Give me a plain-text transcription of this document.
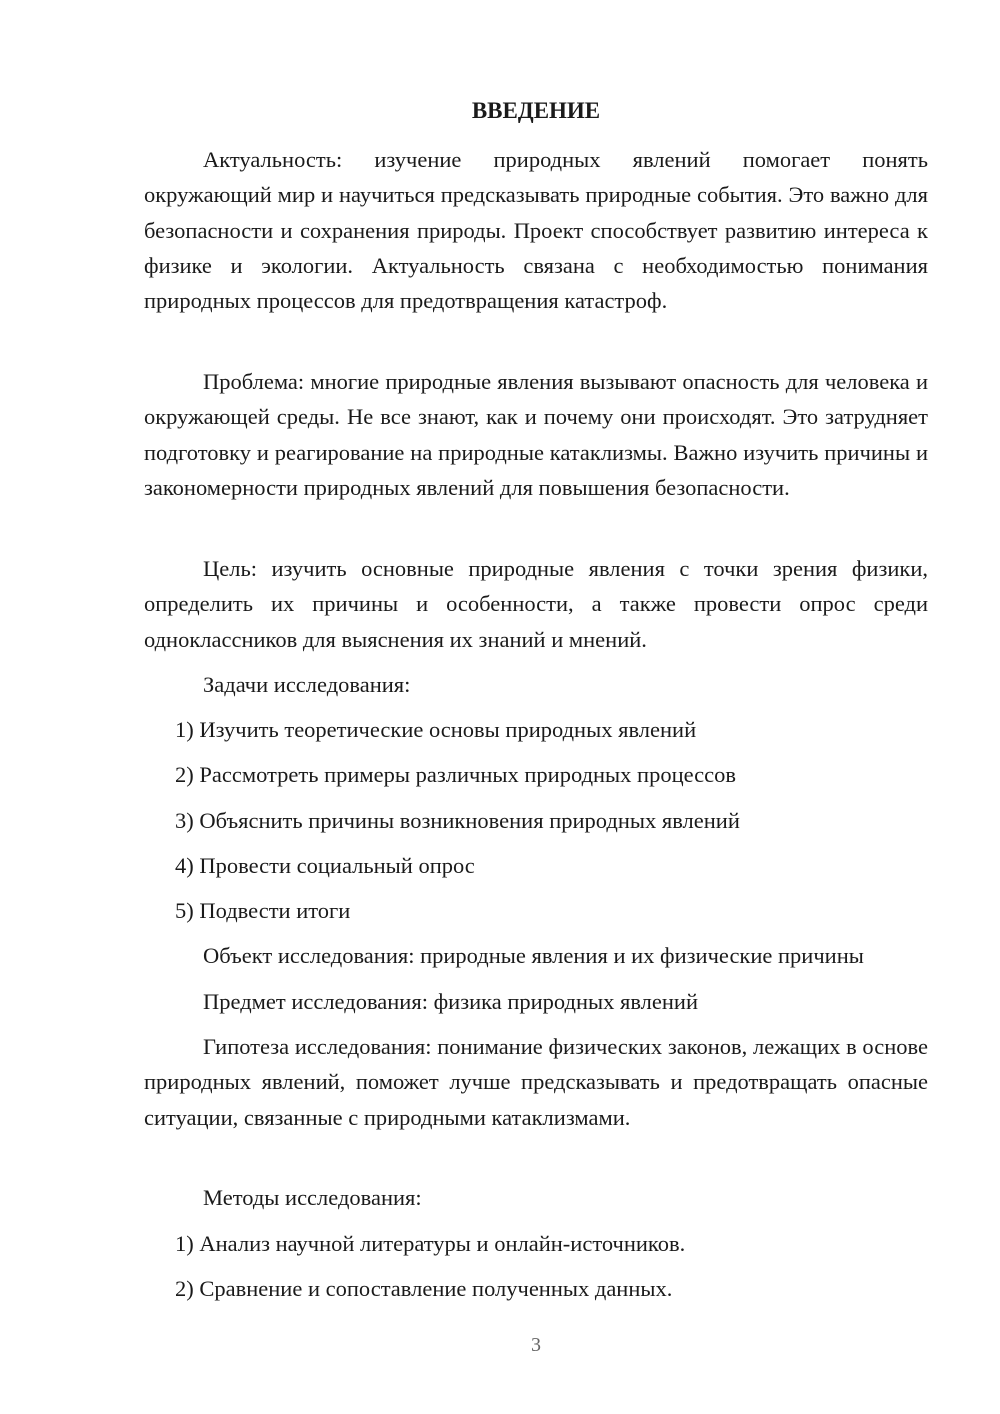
ВВЕДЕНИЕ

Актуальность: изучение природных явлений помогает понять окружающий мир и научиться предсказывать природные события. Это важно для безопасности и сохранения природы. Проект способствует развитию интереса к физике и экологии. Актуальность связана с необходимостью понимания природных процессов для предотвращения катастроф.

Проблема: многие природные явления вызывают опасность для человека и окружающей среды. Не все знают, как и почему они происходят. Это затрудняет подготовку и реагирование на природные катаклизмы. Важно изучить причины и закономерности природных явлений для повышения безопасности.

Цель: изучить основные природные явления с точки зрения физики, определить их причины и особенности, а также провести опрос среди одноклассников для выяснения их знаний и мнений.

Задачи исследования:

1) Изучить теоретические основы природных явлений

2) Рассмотреть примеры различных природных процессов

3) Объяснить причины возникновения природных явлений

4) Провести социальный опрос

5) Подвести итоги

Объект исследования: природные явления и их физические причины

Предмет исследования: физика природных явлений

Гипотеза исследования: понимание физических законов, лежащих в основе природных явлений, поможет лучше предсказывать и предотвращать опасные ситуации, связанные с природными катаклизмами.

Методы исследования:

1) Анализ научной литературы и онлайн-источников.

2) Сравнение и сопоставление полученных данных.

3
